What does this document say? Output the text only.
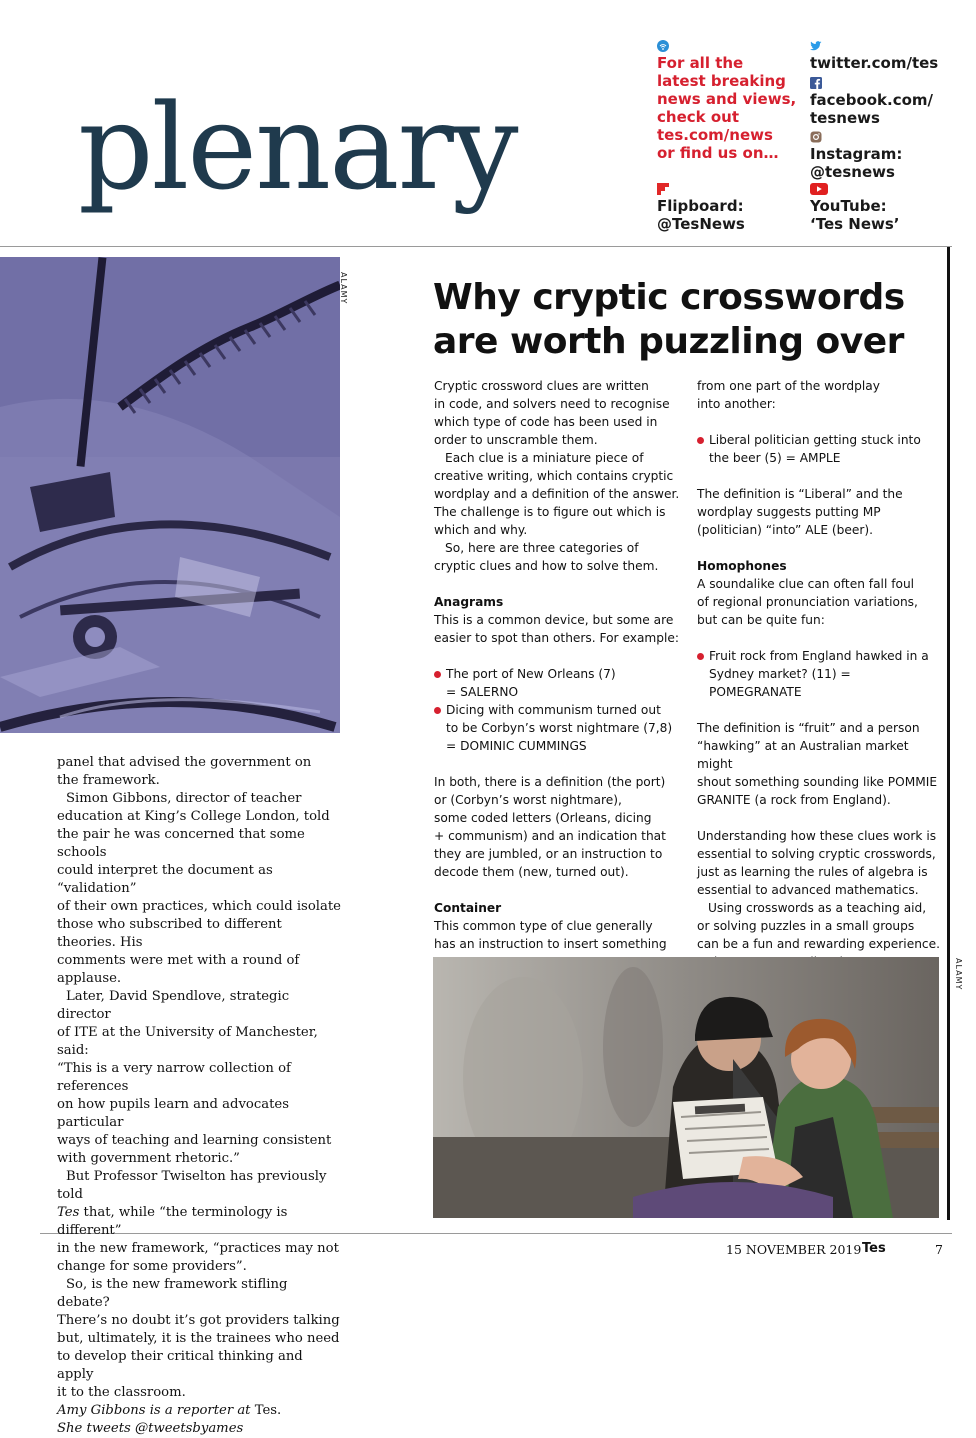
plenary
For all the
latest breaking
news and views,
check out
tes.com/news
or find us on…
Flipboard:
@TesNews
twitter.com/tes
facebook.com/
tesnews
Instagram:
@tesnews
YouTube:
‘Tes News’
ALAMY

panel that advised the government on
the framework.

Simon Gibbons, director of teacher
education at King’s College London, told
the pair he was concerned that some schools
could interpret the document as “validation”
of their own practices, which could isolate
those who subscribed to different theories. His
comments were met with a round of applause.

Later, David Spendlove, strategic director
of ITE at the University of Manchester, said:
“This is a very narrow collection of references
on how pupils learn and advocates particular
ways of teaching and learning consistent
with government rhetoric.”

But Professor Twiselton has previously told
Tes that, while “the terminology is different”
in the new framework, “practices may not
change for some providers”.

So, is the new framework stifling debate?
There’s no doubt it’s got providers talking
but, ultimately, it is the trainees who need
to develop their critical thinking and apply
it to the classroom.

Amy Gibbons is a reporter at Tes.
She tweets @tweetsbyames

Why cryptic crosswords
are worth puzzling over

Cryptic crossword clues are written
in code, and solvers need to recognise
which type of code has been used in
order to unscramble them.

Each clue is a miniature piece of
creative writing, which contains cryptic
wordplay and a definition of the answer.
The challenge is to figure out which is
which and why.

So, here are three categories of
cryptic clues and how to solve them.

Anagrams

This is a common device, but some are
easier to spot than others. For example:

The port of New Orleans (7)
= SALERNO

Dicing with communism turned out
to be Corbyn’s worst nightmare (7,8)
= DOMINIC CUMMINGS

In both, there is a definition (the port)
or (Corbyn’s worst nightmare),
some coded letters (Orleans, dicing
+ communism) and an indication that
they are jumbled, or an instruction to
decode them (new, turned out).

Container

This common type of clue generally
has an instruction to insert something

from one part of the wordplay
into another:

Liberal politician getting stuck into
the beer (5) = AMPLE

The definition is “Liberal” and the
wordplay suggests putting MP
(politician) “into” ALE (beer).

Homophones

A soundalike clue can often fall foul
of regional pronunciation variations,
but can be quite fun:

Fruit rock from England hawked in a
Sydney market? (11) = POMEGRANATE

The definition is “fruit” and a person
“hawking” at an Australian market might
shout something sounding like POMMIE
GRANITE (a rock from England).

Understanding how these clues work is
essential to solving cryptic crosswords,
just as learning the rules of algebra is
essential to advanced mathematics.

Using crosswords as a teaching aid,
or solving puzzles in a small groups
can be a fun and rewarding experience.

ALAMY
15 NOVEMBER 2019 Tes	7
